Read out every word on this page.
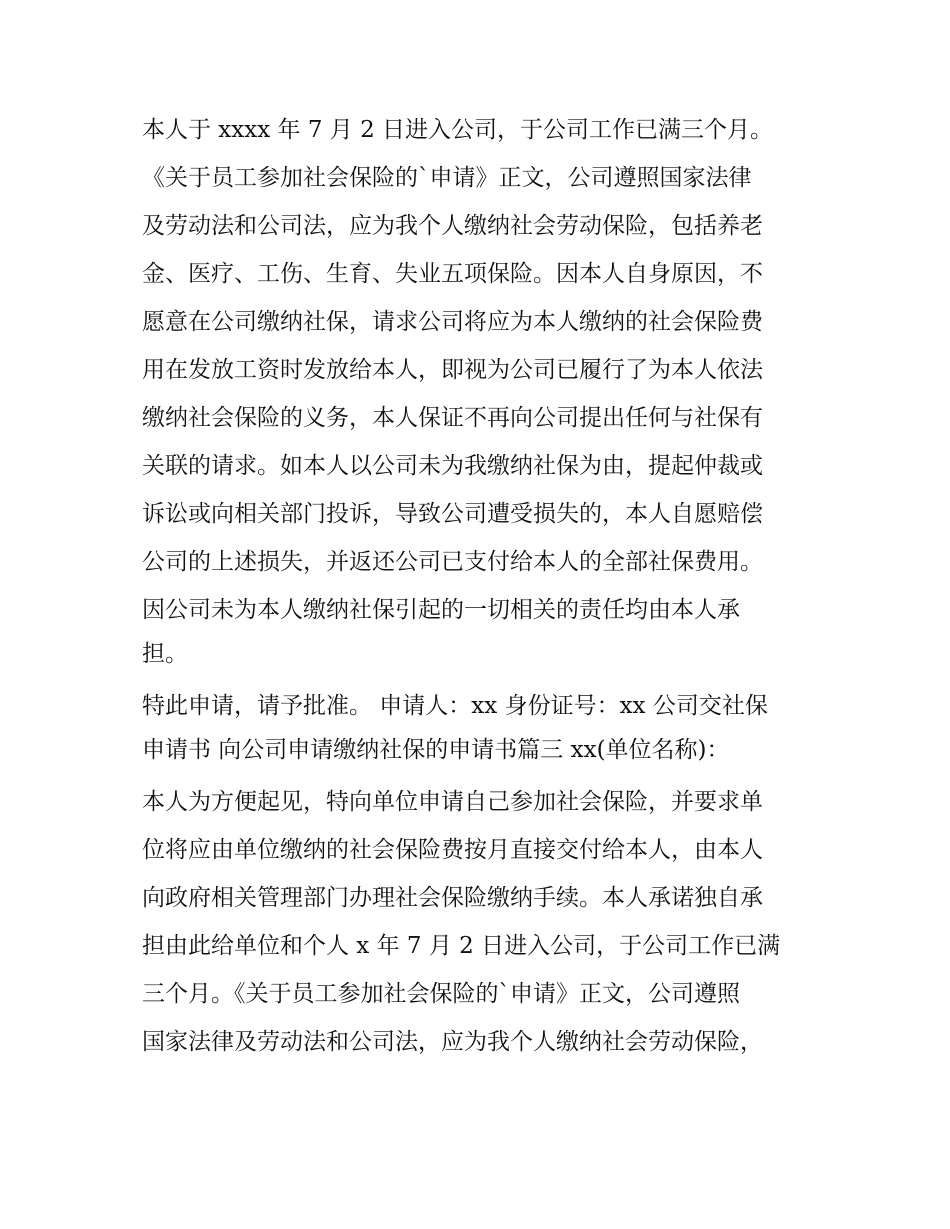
本人于 xxxx 年 7 月 2 日进入公司，于公司工作已满三个月。
《关于员工参加社会保险的`申请》正文，公司遵照国家法律
及劳动法和公司法，应为我个人缴纳社会劳动保险，包括养老
金、医疗、工伤、生育、失业五项保险。因本人自身原因，不
愿意在公司缴纳社保，请求公司将应为本人缴纳的社会保险费
用在发放工资时发放给本人，即视为公司已履行了为本人依法
缴纳社会保险的义务，本人保证不再向公司提出任何与社保有
关联的请求。如本人以公司未为我缴纳社保为由，提起仲裁或
诉讼或向相关部门投诉，导致公司遭受损失的，本人自愿赔偿
公司的上述损失，并返还公司已支付给本人的全部社保费用。
因公司未为本人缴纳社保引起的一切相关的责任均由本人承
担。
特此申请，请予批准。 申请人：xx 身份证号：xx 公司交社保
申请书 向公司申请缴纳社保的申请书篇三 xx(单位名称)：
本人为方便起见，特向单位申请自己参加社会保险，并要求单
位将应由单位缴纳的社会保险费按月直接交付给本人，由本人
向政府相关管理部门办理社会保险缴纳手续。本人承诺独自承
担由此给单位和个人 x 年 7 月 2 日进入公司，于公司工作已满
三个月。《关于员工参加社会保险的`申请》正文，公司遵照
国家法律及劳动法和公司法，应为我个人缴纳社会劳动保险，
